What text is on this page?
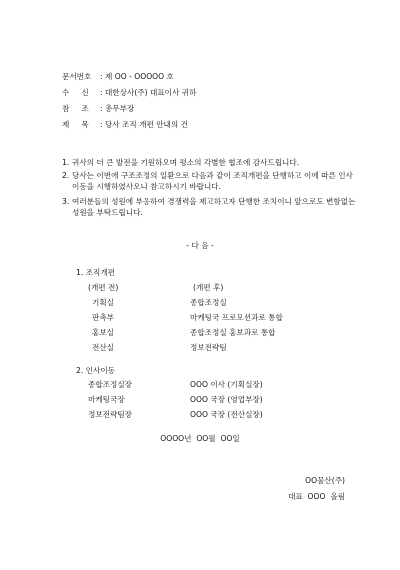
문서번호 : 제 OO - OOOOO 호
수     신 : 대한상사(주) 대표이사 귀하
참     조 : 총무부장
제     목 : 당사 조직 개편 안내의 건
1. 귀사의 더 큰 발전을 기원하오며 평소의 각별한 협조에 감사드립니다.
2. 당사는 이번에 구조조정의 일환으로 다음과 같이 조직개편을 단행하고 이에 따른 인사 이동을 시행하였사오니 참고하시기 바랍니다.
3. 여러분들의 성원에 부응하여 경쟁력을 제고하고자 단행한 조치이니 앞으로도 변함없는 성원을 부탁드립니다.
- 다 음 -
1. 조직개편
(개편 전)	(개편 후)
기획실	종합조정실
판촉부	마케팅국 프로모션과로 통합
홍보실	종합조정실 홍보과로 통합
전산실	정보전략팀
2. 인사이동
종합조정실장	OOO 이사 (기획실장)
마케팅국장	OOO 국장 (영업부장)
정보전략팀장	OOO 국장 (전산실장)
OOOO년  OO월  OO일
OO물산(주)
대표  OOO  올림
